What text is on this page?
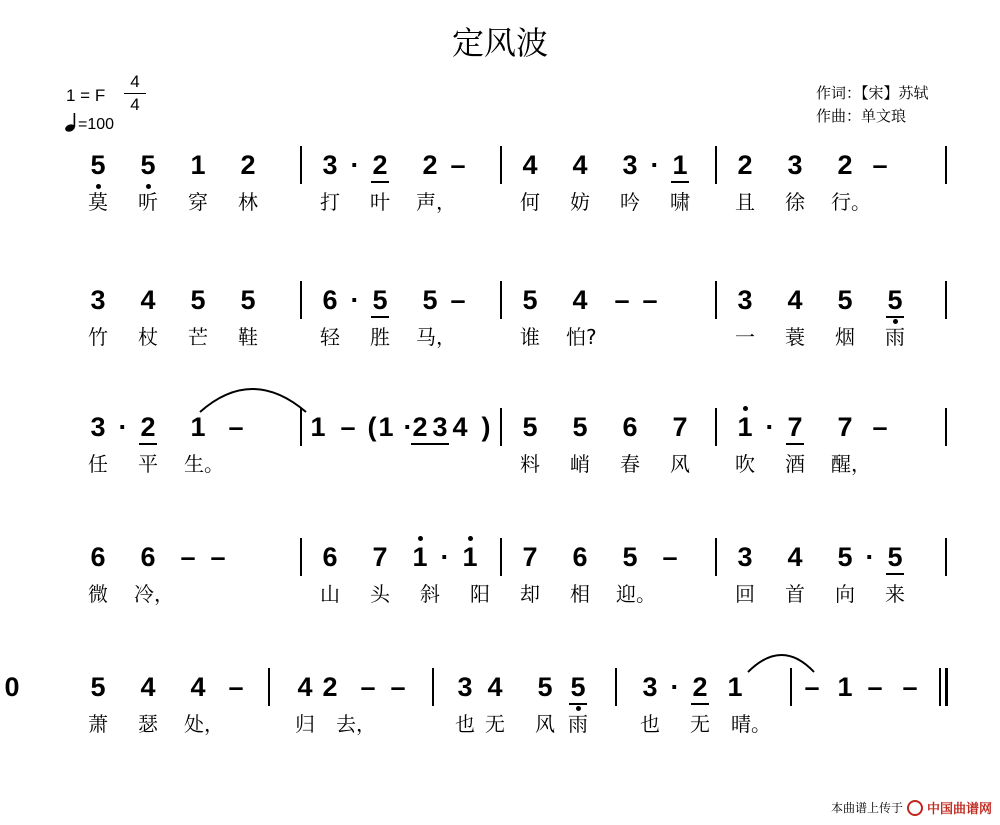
定风波
1 = F
4
4
=100
作词：【宋】苏轼
作曲：单文琅
5 5 1 2 3 · 2 2 – 4 4 3 · 1 2 3 2 –
莫 听 穿 林	打 叶 声，	何 妨 吟 啸 且 徐 行。
3 4 5 5 6 · 5 5 – 5 4 – –	3 4 5 5
竹 杖 芒 鞋	轻 胜 马，	谁 怕?	一 蓑 烟 雨
3 · 2 1 – 1 – ( 1 · 2 3 4 ) 5 5 6 7 1 · 7 7 –
任 平 生。	料 峭 春 风 吹 酒 醒，
6 6 – –	6 7 1 · 1 7 6 5 – 3 4 5 · 5
微 冷，	山 头 斜 阳 却 相 迎。	回 首 向 来
5 4 4 – 4 2 – – 3 4 5 5 3 · 2 1 – 1 – –
0
萧 瑟 处，	归 去，	也 无 风 雨	也 无 晴。
本曲谱上传于 中国曲谱网
